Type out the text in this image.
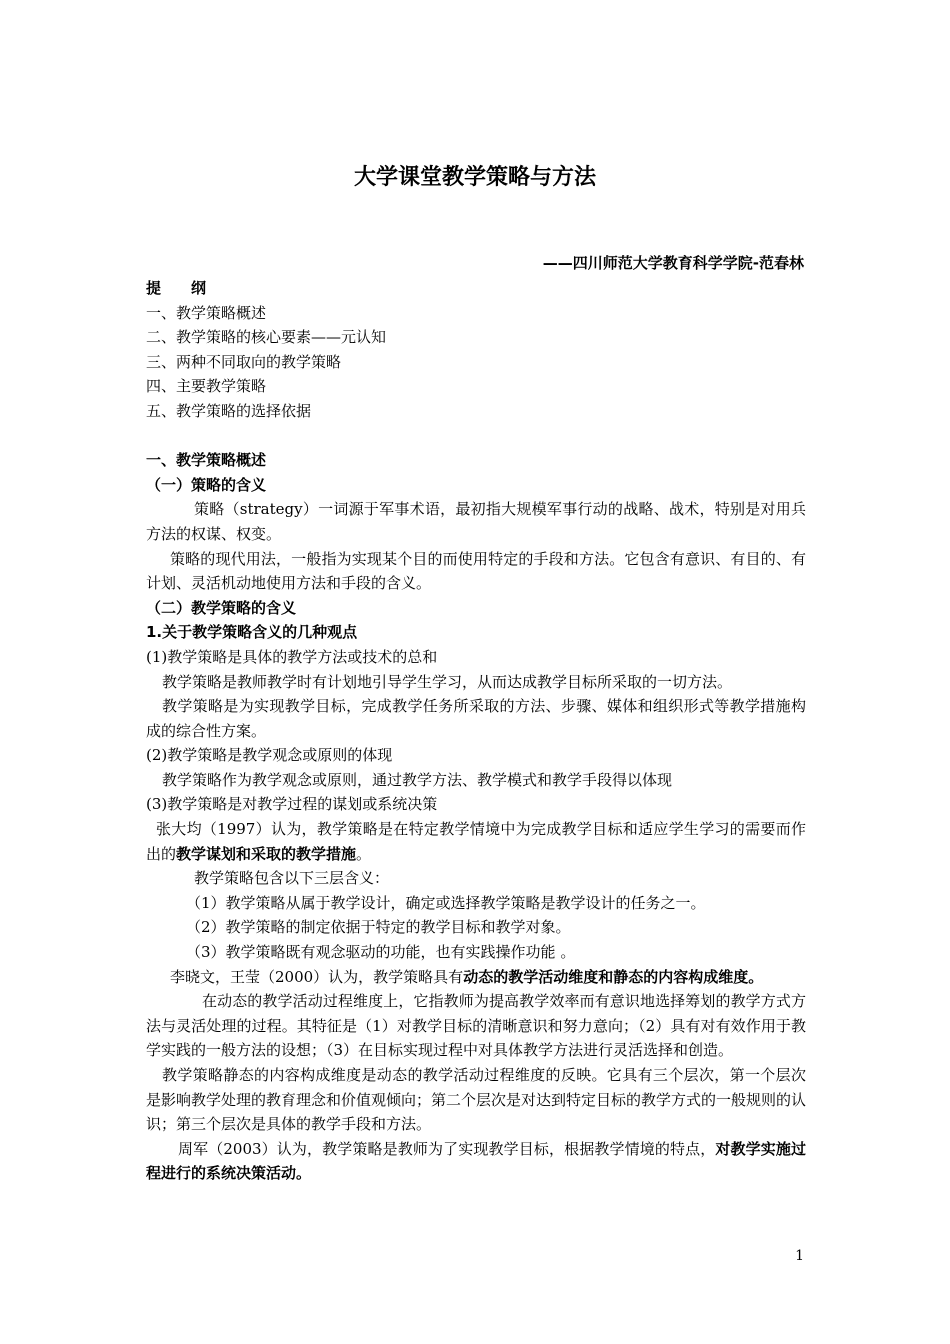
大学课堂教学策略与方法
——四川师范大学教育科学学院-范春林

提　　纲

一、教学策略概述

二、教学策略的核心要素——元认知

三、两种不同取向的教学策略

四、主要教学策略

五、教学策略的选择依据

一、教学策略概述

（一）策略的含义

策略（strategy）一词源于军事术语，最初指大规模军事行动的战略、战术，特别是对用兵方法的权谋、权变。

策略的现代用法，一般指为实现某个目的而使用特定的手段和方法。它包含有意识、有目的、有计划、灵活机动地使用方法和手段的含义。

（二）教学策略的含义

1.关于教学策略含义的几种观点

(1)教学策略是具体的教学方法或技术的总和

教学策略是教师教学时有计划地引导学生学习，从而达成教学目标所采取的一切方法。

教学策略是为实现教学目标，完成教学任务所采取的方法、步骤、媒体和组织形式等教学措施构成的综合性方案。

(2)教学策略是教学观念或原则的体现

教学策略作为教学观念或原则，通过教学方法、教学模式和教学手段得以体现

(3)教学策略是对教学过程的谋划或系统决策

张大均（1997）认为，教学策略是在特定教学情境中为完成教学目标和适应学生学习的需要而作出的教学谋划和采取的教学措施。

教学策略包含以下三层含义：

（1）教学策略从属于教学设计，确定或选择教学策略是教学设计的任务之一。

（2）教学策略的制定依据于特定的教学目标和教学对象。

（3）教学策略既有观念驱动的功能，也有实践操作功能 。

李晓文，王莹（2000）认为，教学策略具有动态的教学活动维度和静态的内容构成维度。

在动态的教学活动过程维度上，它指教师为提高教学效率而有意识地选择筹划的教学方式方法与灵活处理的过程。其特征是（1）对教学目标的清晰意识和努力意向；（2）具有对有效作用于教学实践的一般方法的设想；（3）在目标实现过程中对具体教学方法进行灵活选择和创造。

教学策略静态的内容构成维度是动态的教学活动过程维度的反映。它具有三个层次，第一个层次是影响教学处理的教育理念和价值观倾向；第二个层次是对达到特定目标的教学方式的一般规则的认识；第三个层次是具体的教学手段和方法。

周军（2003）认为，教学策略是教师为了实现教学目标，根据教学情境的特点，对教学实施过程进行的系统决策活动。

1
